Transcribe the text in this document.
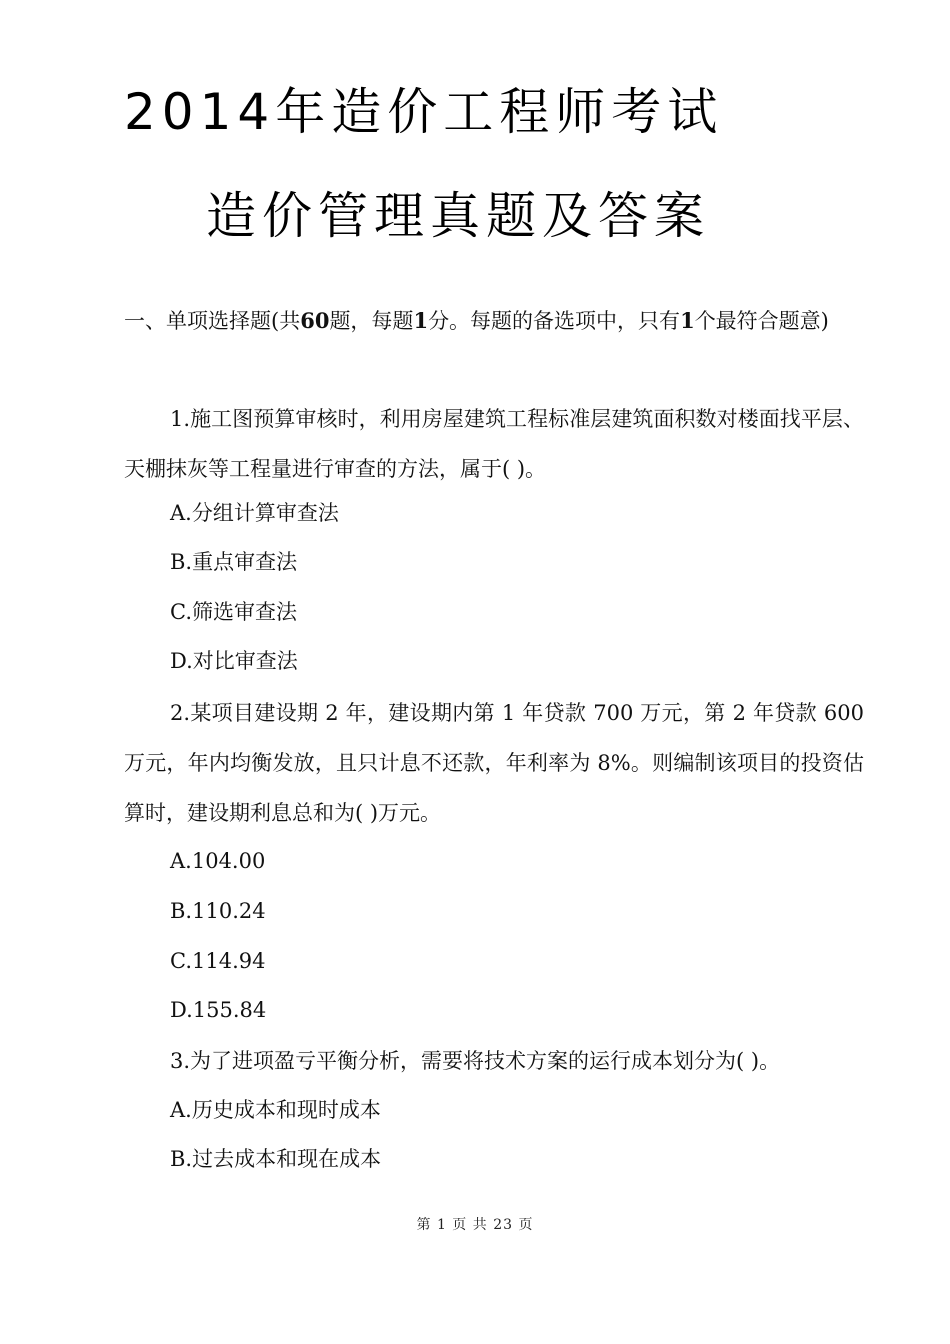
2014年造价工程师考试
造价管理真题及答案
一、单项选择题(共60题，每题1分。每题的备选项中，只有1个最符合题意)
1.施工图预算审核时，利用房屋建筑工程标准层建筑面积数对楼面找平层、天棚抹灰等工程量进行审查的方法，属于( )。
A.分组计算审查法
B.重点审查法
C.筛选审查法
D.对比审查法
2.某项目建设期 2 年，建设期内第 1 年贷款 700 万元，第 2 年贷款 600 万元，年内均衡发放，且只计息不还款，年利率为 8%。则编制该项目的投资估算时，建设期利息总和为( )万元。
A.104.00
B.110.24
C.114.94
D.155.84
3.为了进项盈亏平衡分析，需要将技术方案的运行成本划分为( )。
A.历史成本和现时成本
B.过去成本和现在成本
第 1 页 共 23 页
